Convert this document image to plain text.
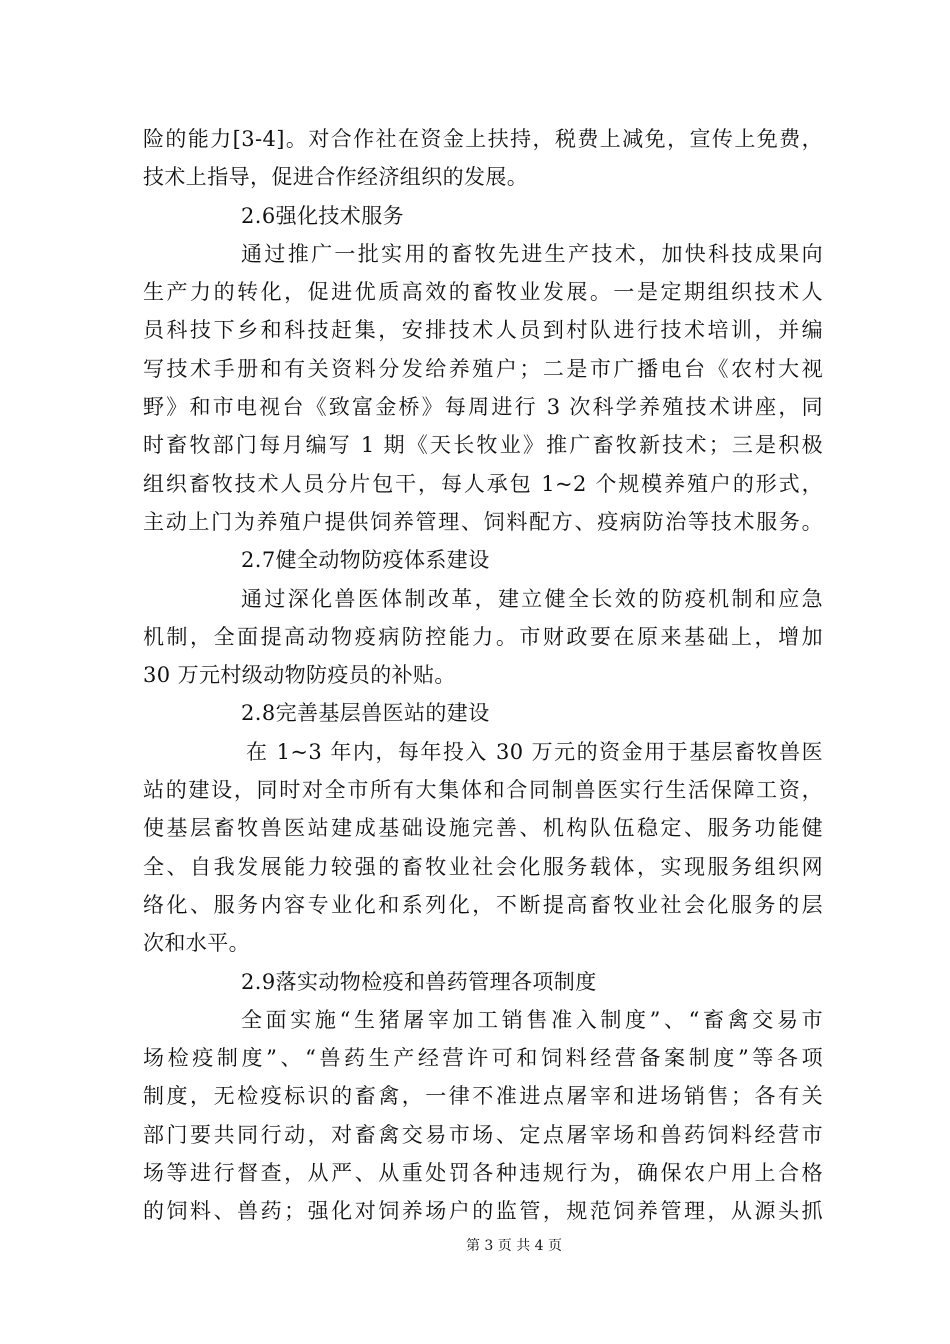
险的能力[3-4]。对合作社在资金上扶持，税费上减免，宣传上免费，
技术上指导，促进合作经济组织的发展。
2.6强化技术服务
通过推广一批实用的畜牧先进生产技术，加快科技成果向
生产力的转化，促进优质高效的畜牧业发展。一是定期组织技术人
员科技下乡和科技赶集，安排技术人员到村队进行技术培训，并编
写技术手册和有关资料分发给养殖户；二是市广播电台《农村大视
野》和市电视台《致富金桥》每周进行 3 次科学养殖技术讲座，同
时畜牧部门每月编写 1 期《天长牧业》推广畜牧新技术；三是积极
组织畜牧技术人员分片包干，每人承包 1~2 个规模养殖户的形式，
主动上门为养殖户提供饲养管理、饲料配方、疫病防治等技术服务。
2.7健全动物防疫体系建设
通过深化兽医体制改革，建立健全长效的防疫机制和应急
机制，全面提高动物疫病防控能力。市财政要在原来基础上，增加
30 万元村级动物防疫员的补贴。
2.8完善基层兽医站的建设
在 1~3 年内，每年投入 30 万元的资金用于基层畜牧兽医
站的建设，同时对全市所有大集体和合同制兽医实行生活保障工资，
使基层畜牧兽医站建成基础设施完善、机构队伍稳定、服务功能健
全、自我发展能力较强的畜牧业社会化服务载体，实现服务组织网
络化、服务内容专业化和系列化，不断提高畜牧业社会化服务的层
次和水平。
2.9落实动物检疫和兽药管理各项制度
全面实施“生猪屠宰加工销售准入制度”、“畜禽交易市
场检疫制度”、“兽药生产经营许可和饲料经营备案制度”等各项
制度，无检疫标识的畜禽，一律不准进点屠宰和进场销售；各有关
部门要共同行动，对畜禽交易市场、定点屠宰场和兽药饲料经营市
场等进行督查，从严、从重处罚各种违规行为，确保农户用上合格
的饲料、兽药；强化对饲养场户的监管，规范饲养管理，从源头抓
第 3 页 共 4 页
